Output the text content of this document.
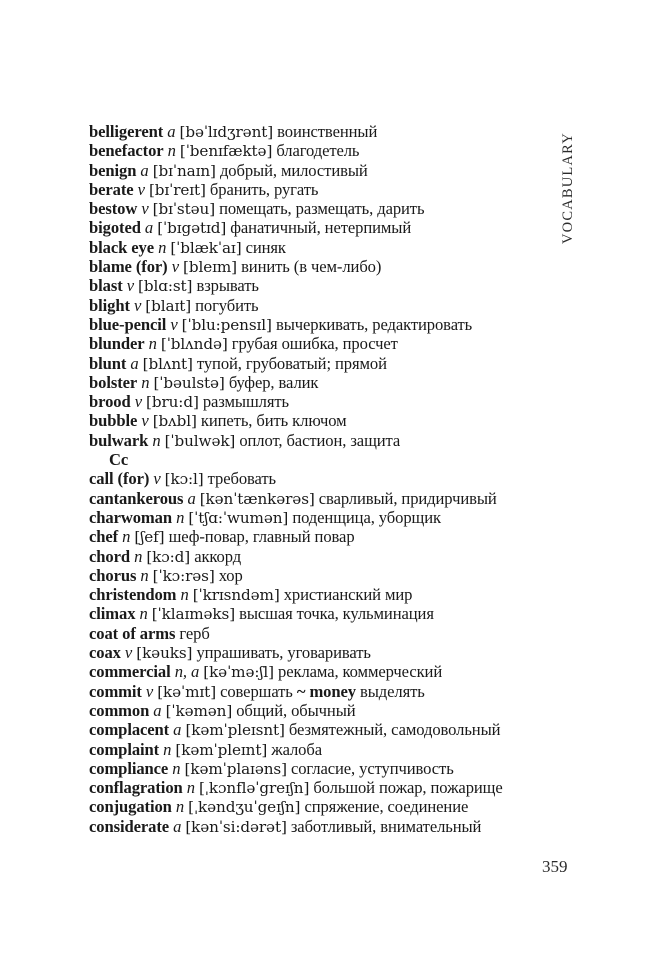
VOCABULARY
belligerent a [bəˈlɪdʒrənt] воинственный
benefactor n [ˈbenɪfæktə] благодетель
benign a [bɪˈnaɪn] добрый, милостивый
berate v [bɪˈreɪt] бранить, ругать
bestow v [bɪˈstəu] помещать, размещать, дарить
bigoted a [ˈbɪgətɪd] фанатичный, нетерпимый
black eye n [ˈblækˈaɪ] синяк
blame (for) v [bleɪm] винить (в чем-либо)
blast v [blɑ:st] взрывать
blight v [blaɪt] погубить
blue-pencil v [ˈblu:pensɪl] вычеркивать, редактировать
blunder n [ˈblʌndə] грубая ошибка, просчет
blunt a [blʌnt] тупой, грубоватый; прямой
bolster n [ˈbəulstə] буфер, валик
brood v [bru:d] размышлять
bubble v [bʌbl] кипеть, бить ключом
bulwark n [ˈbulwək] оплот, бастион, защита
Cc
call (for) v [kɔ:l] требовать
cantankerous a [kənˈtænkərəs] сварливый, придирчивый
charwoman n [ˈtʃɑ:ˈwumən] поденщица, уборщик
chef n [ʃef] шеф-повар, главный повар
chord n [kɔ:d] аккорд
chorus n [ˈkɔ:rəs] хор
christendom n [ˈkrɪsndəm] христианский мир
climax n [ˈklaɪməks] высшая точка, кульминация
coat of arms герб
coax v [kəuks] упрашивать, уговаривать
commercial n, a [kəˈmə:ʃl] реклама, коммерческий
commit v [kəˈmɪt] совершать ~ money выделять
common a [ˈkəmən] общий, обычный
complacent a [kəmˈpleɪsnt] безмятежный, самодовольный
complaint n [kəmˈpleɪnt] жалоба
compliance n [kəmˈplaɪəns] согласие, уступчивость
conflagration n [ˌkɔnfləˈgreɪʃn] большой пожар, пожарище
conjugation n [ˌkəndʒuˈgeɪʃn] спряжение, соединение
considerate a [kənˈsi:dərət] заботливый, внимательный
359
